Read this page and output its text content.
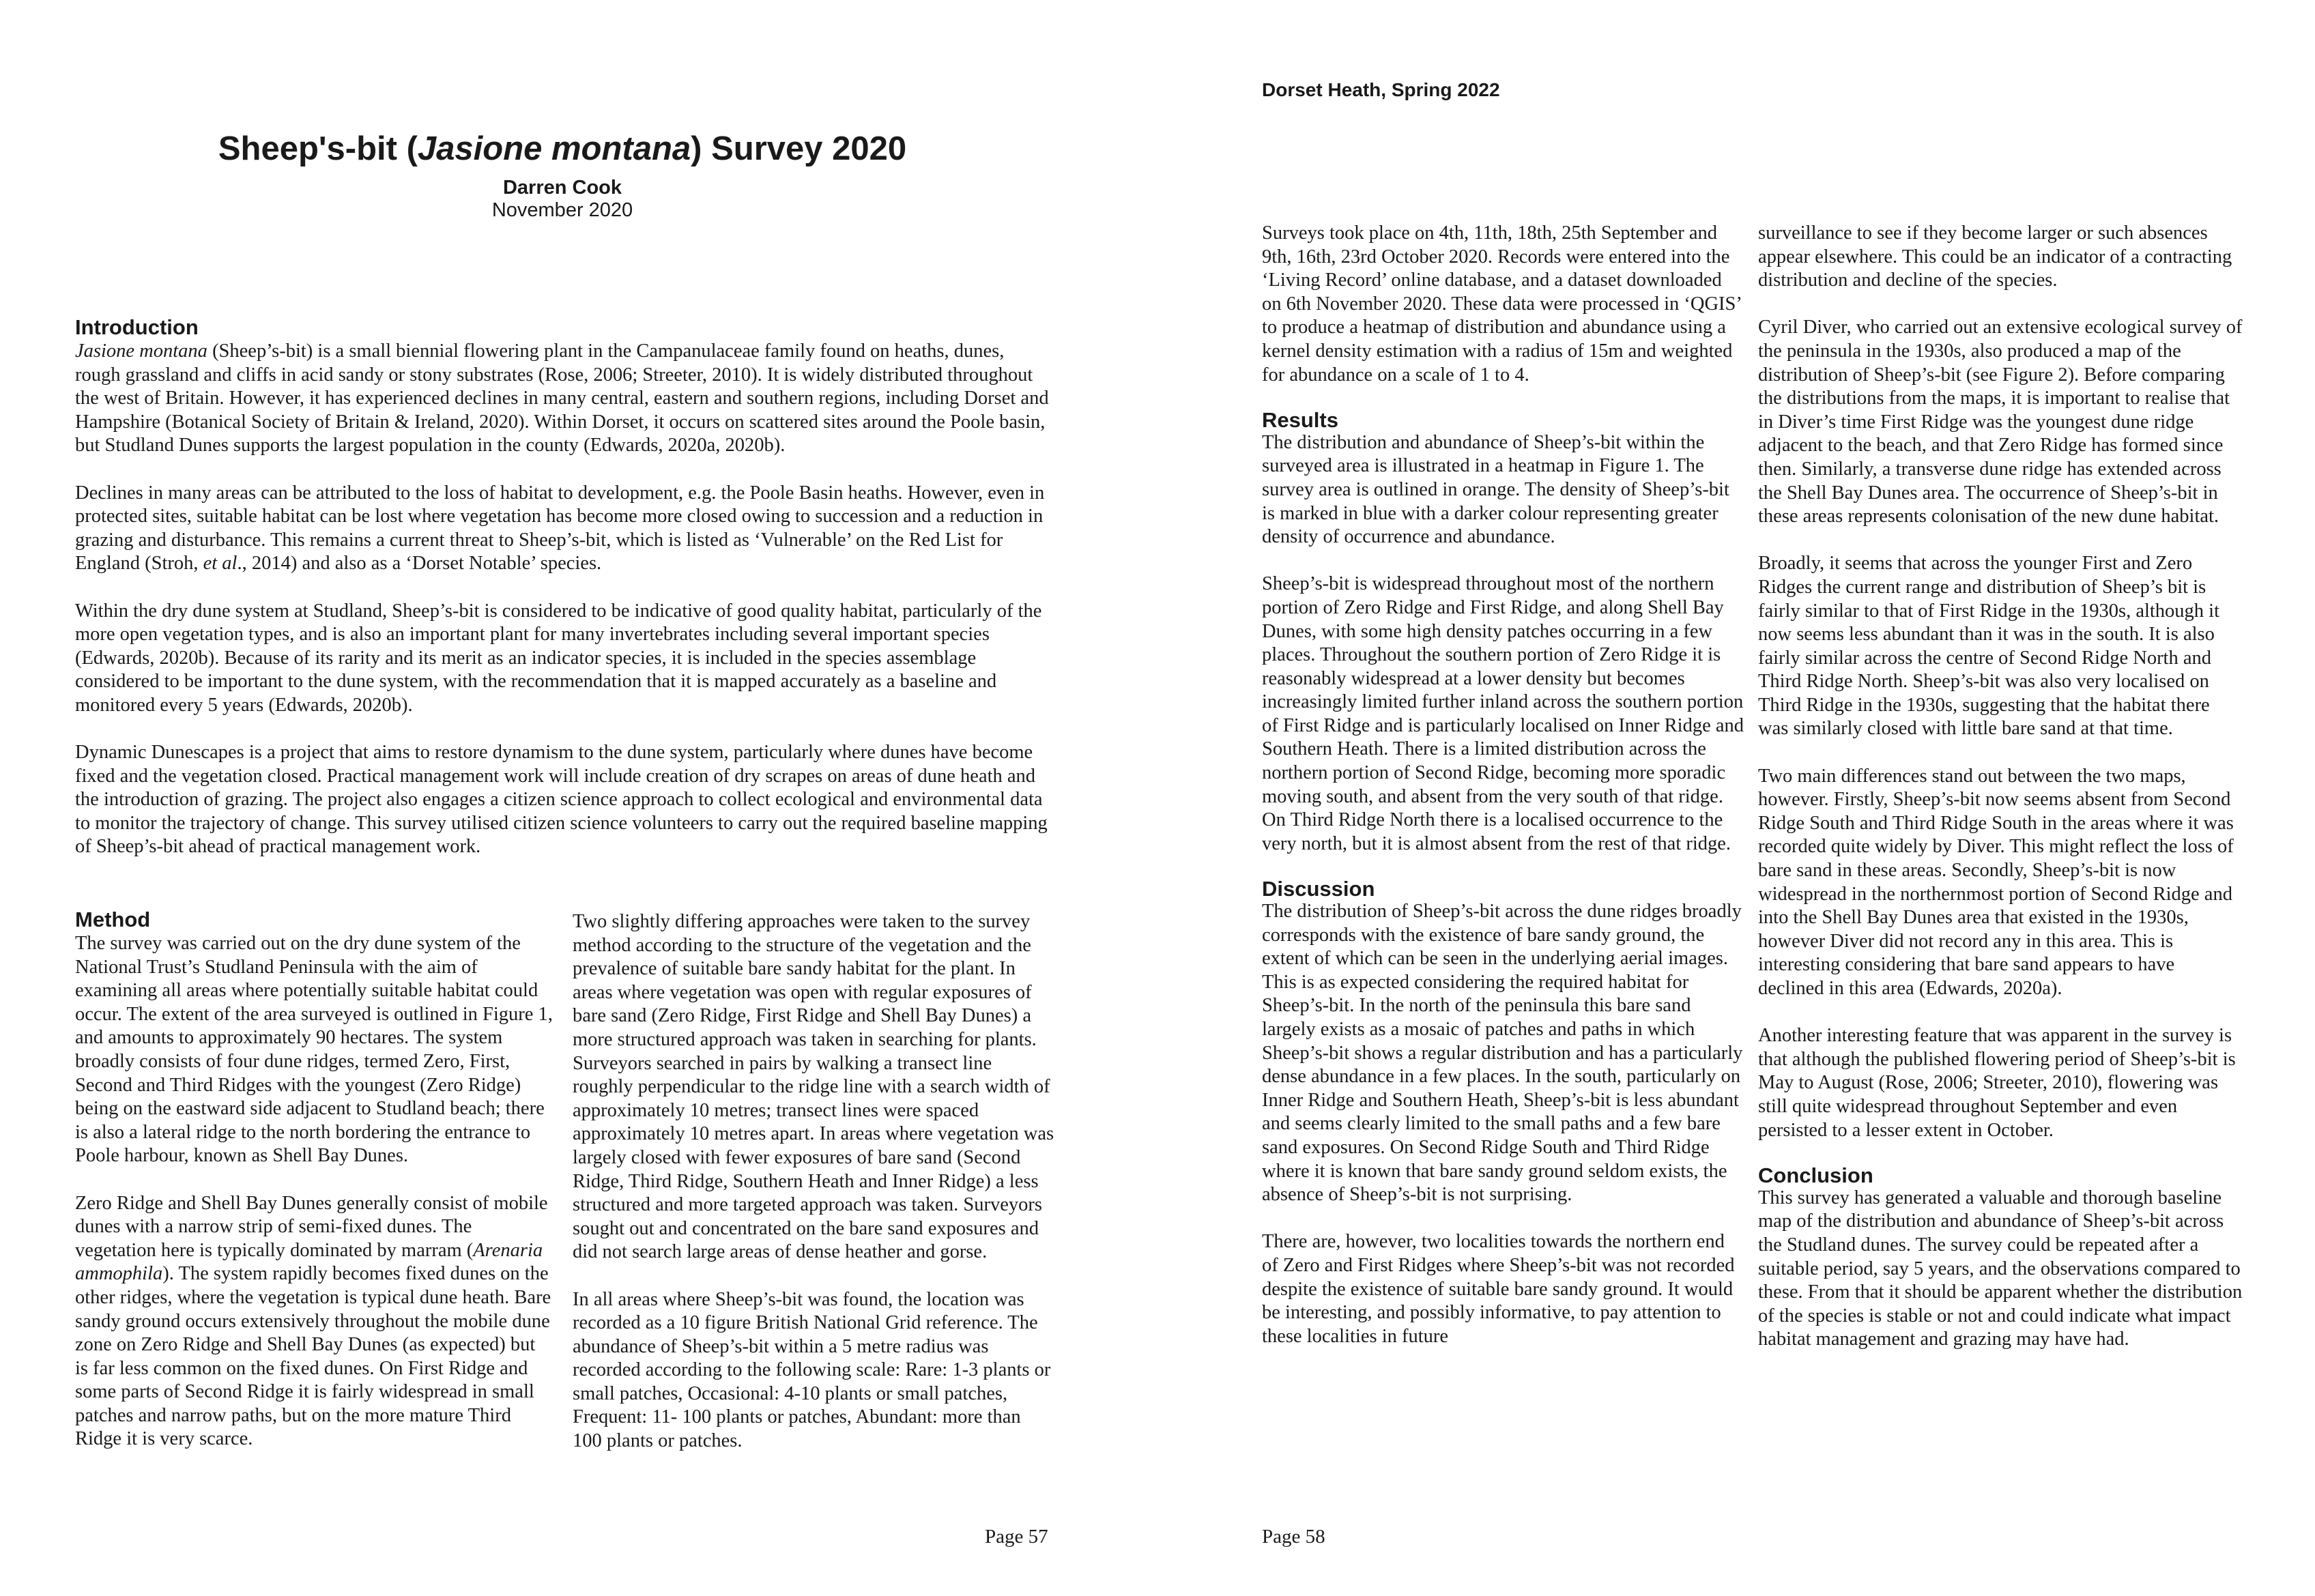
Sheep's-bit (Jasione montana) Survey 2020
Darren Cook
November 2020
Introduction

Jasione montana (Sheep’s-bit) is a small biennial flowering plant in the Campanulaceae family found on heaths, dunes, rough grassland and cliffs in acid sandy or stony substrates (Rose, 2006; Streeter, 2010). It is widely distributed throughout the west of Britain. However, it has experienced declines in many central, eastern and southern regions, including Dorset and Hampshire (Botanical Society of Britain & Ireland, 2020). Within Dorset, it occurs on scattered sites around the Poole basin, but Studland Dunes supports the largest population in the county (Edwards, 2020a, 2020b).

Declines in many areas can be attributed to the loss of habitat to development, e.g. the Poole Basin heaths. However, even in protected sites, suitable habitat can be lost where vegetation has become more closed owing to succession and a reduction in grazing and disturbance. This remains a current threat to Sheep’s-bit, which is listed as ‘Vulnerable’ on the Red List for England (Stroh, et al., 2014) and also as a ‘Dorset Notable’ species.

Within the dry dune system at Studland, Sheep’s-bit is considered to be indicative of good quality habitat, particularly of the more open vegetation types, and is also an important plant for many invertebrates including several important species (Edwards, 2020b). Because of its rarity and its merit as an indicator species, it is included in the species assemblage considered to be important to the dune system, with the recommendation that it is mapped accurately as a baseline and monitored every 5 years (Edwards, 2020b).

Dynamic Dunescapes is a project that aims to restore dynamism to the dune system, particularly where dunes have become fixed and the vegetation closed. Practical management work will include creation of dry scrapes on areas of dune heath and the introduction of grazing. The project also engages a citizen science approach to collect ecological and environmental data to monitor the trajectory of change. This survey utilised citizen science volunteers to carry out the required baseline mapping of Sheep’s-bit ahead of practical management work.

Method

The survey was carried out on the dry dune system of the National Trust’s Studland Peninsula with the aim of examining all areas where potentially suitable habitat could occur. The extent of the area surveyed is outlined in Figure 1, and amounts to approximately 90 hectares. The system broadly consists of four dune ridges, termed Zero, First, Second and Third Ridges with the youngest (Zero Ridge) being on the eastward side adjacent to Studland beach; there is also a lateral ridge to the north bordering the entrance to Poole harbour, known as Shell Bay Dunes.

Zero Ridge and Shell Bay Dunes generally consist of mobile dunes with a narrow strip of semi-fixed dunes. The vegetation here is typically dominated by marram (Arenaria ammophila). The system rapidly becomes fixed dunes on the other ridges, where the vegetation is typical dune heath. Bare sandy ground occurs extensively throughout the mobile dune zone on Zero Ridge and Shell Bay Dunes (as expected) but is far less common on the fixed dunes. On First Ridge and some parts of Second Ridge it is fairly widespread in small patches and narrow paths, but on the more mature Third Ridge it is very scarce.

Two slightly differing approaches were taken to the survey method according to the structure of the vegetation and the prevalence of suitable bare sandy habitat for the plant. In areas where vegetation was open with regular exposures of bare sand (Zero Ridge, First Ridge and Shell Bay Dunes) a more structured approach was taken in searching for plants. Surveyors searched in pairs by walking a transect line roughly perpendicular to the ridge line with a search width of approximately 10 metres; transect lines were spaced approximately 10 metres apart. In areas where vegetation was largely closed with fewer exposures of bare sand (Second Ridge, Third Ridge, Southern Heath and Inner Ridge) a less structured and more targeted approach was taken. Surveyors sought out and concentrated on the bare sand exposures and did not search large areas of dense heather and gorse.

In all areas where Sheep’s-bit was found, the location was recorded as a 10 figure British National Grid reference. The abundance of Sheep’s-bit within a 5 metre radius was recorded according to the following scale: Rare: 1-3 plants or small patches, Occasional: 4-10 plants or small patches, Frequent: 11- 100 plants or patches, Abundant: more than 100 plants or patches.

Page 57
Dorset Heath, Spring 2022

Surveys took place on 4th, 11th, 18th, 25th September and 9th, 16th, 23rd October 2020. Records were entered into the ‘Living Record’ online database, and a dataset downloaded on 6th November 2020. These data were processed in ‘QGIS’ to produce a heatmap of distribution and abundance using a kernel density estimation with a radius of 15m and weighted for abundance on a scale of 1 to 4.

Results

The distribution and abundance of Sheep’s-bit within the surveyed area is illustrated in a heatmap in Figure 1. The survey area is outlined in orange. The density of Sheep’s-bit is marked in blue with a darker colour representing greater density of occurrence and abundance.

Sheep’s-bit is widespread throughout most of the northern portion of Zero Ridge and First Ridge, and along Shell Bay Dunes, with some high density patches occurring in a few places. Throughout the southern portion of Zero Ridge it is reasonably widespread at a lower density but becomes increasingly limited further inland across the southern portion of First Ridge and is particularly localised on Inner Ridge and Southern Heath. There is a limited distribution across the northern portion of Second Ridge, becoming more sporadic moving south, and absent from the very south of that ridge. On Third Ridge North there is a localised occurrence to the very north, but it is almost absent from the rest of that ridge.

Discussion

The distribution of Sheep’s-bit across the dune ridges broadly corresponds with the existence of bare sandy ground, the extent of which can be seen in the underlying aerial images. This is as expected considering the required habitat for Sheep’s-bit. In the north of the peninsula this bare sand largely exists as a mosaic of patches and paths in which Sheep’s-bit shows a regular distribution and has a particularly dense abundance in a few places. In the south, particularly on Inner Ridge and Southern Heath, Sheep’s-bit is less abundant and seems clearly limited to the small paths and a few bare sand exposures. On Second Ridge South and Third Ridge where it is known that bare sandy ground seldom exists, the absence of Sheep’s-bit is not surprising.

There are, however, two localities towards the northern end of Zero and First Ridges where Sheep’s-bit was not recorded despite the existence of suitable bare sandy ground. It would be interesting, and possibly informative, to pay attention to these localities in future

surveillance to see if they become larger or such absences appear elsewhere. This could be an indicator of a contracting distribution and decline of the species.

Cyril Diver, who carried out an extensive ecological survey of the peninsula in the 1930s, also produced a map of the distribution of Sheep’s-bit (see Figure 2). Before comparing the distributions from the maps, it is important to realise that in Diver’s time First Ridge was the youngest dune ridge adjacent to the beach, and that Zero Ridge has formed since then. Similarly, a transverse dune ridge has extended across the Shell Bay Dunes area. The occurrence of Sheep’s-bit in these areas represents colonisation of the new dune habitat.

Broadly, it seems that across the younger First and Zero Ridges the current range and distribution of Sheep’s bit is fairly similar to that of First Ridge in the 1930s, although it now seems less abundant than it was in the south. It is also fairly similar across the centre of Second Ridge North and Third Ridge North. Sheep’s-bit was also very localised on Third Ridge in the 1930s, suggesting that the habitat there was similarly closed with little bare sand at that time.

Two main differences stand out between the two maps, however. Firstly, Sheep’s-bit now seems absent from Second Ridge South and Third Ridge South in the areas where it was recorded quite widely by Diver. This might reflect the loss of bare sand in these areas. Secondly, Sheep’s-bit is now widespread in the northernmost portion of Second Ridge and into the Shell Bay Dunes area that existed in the 1930s, however Diver did not record any in this area. This is interesting considering that bare sand appears to have declined in this area (Edwards, 2020a).

Another interesting feature that was apparent in the survey is that although the published flowering period of Sheep’s-bit is May to August (Rose, 2006; Streeter, 2010), flowering was still quite widespread throughout September and even persisted to a lesser extent in October.

Conclusion

This survey has generated a valuable and thorough baseline map of the distribution and abundance of Sheep’s-bit across the Studland dunes. The survey could be repeated after a suitable period, say 5 years, and the observations compared to these. From that it should be apparent whether the distribution of the species is stable or not and could indicate what impact habitat management and grazing may have had.

Page 58
